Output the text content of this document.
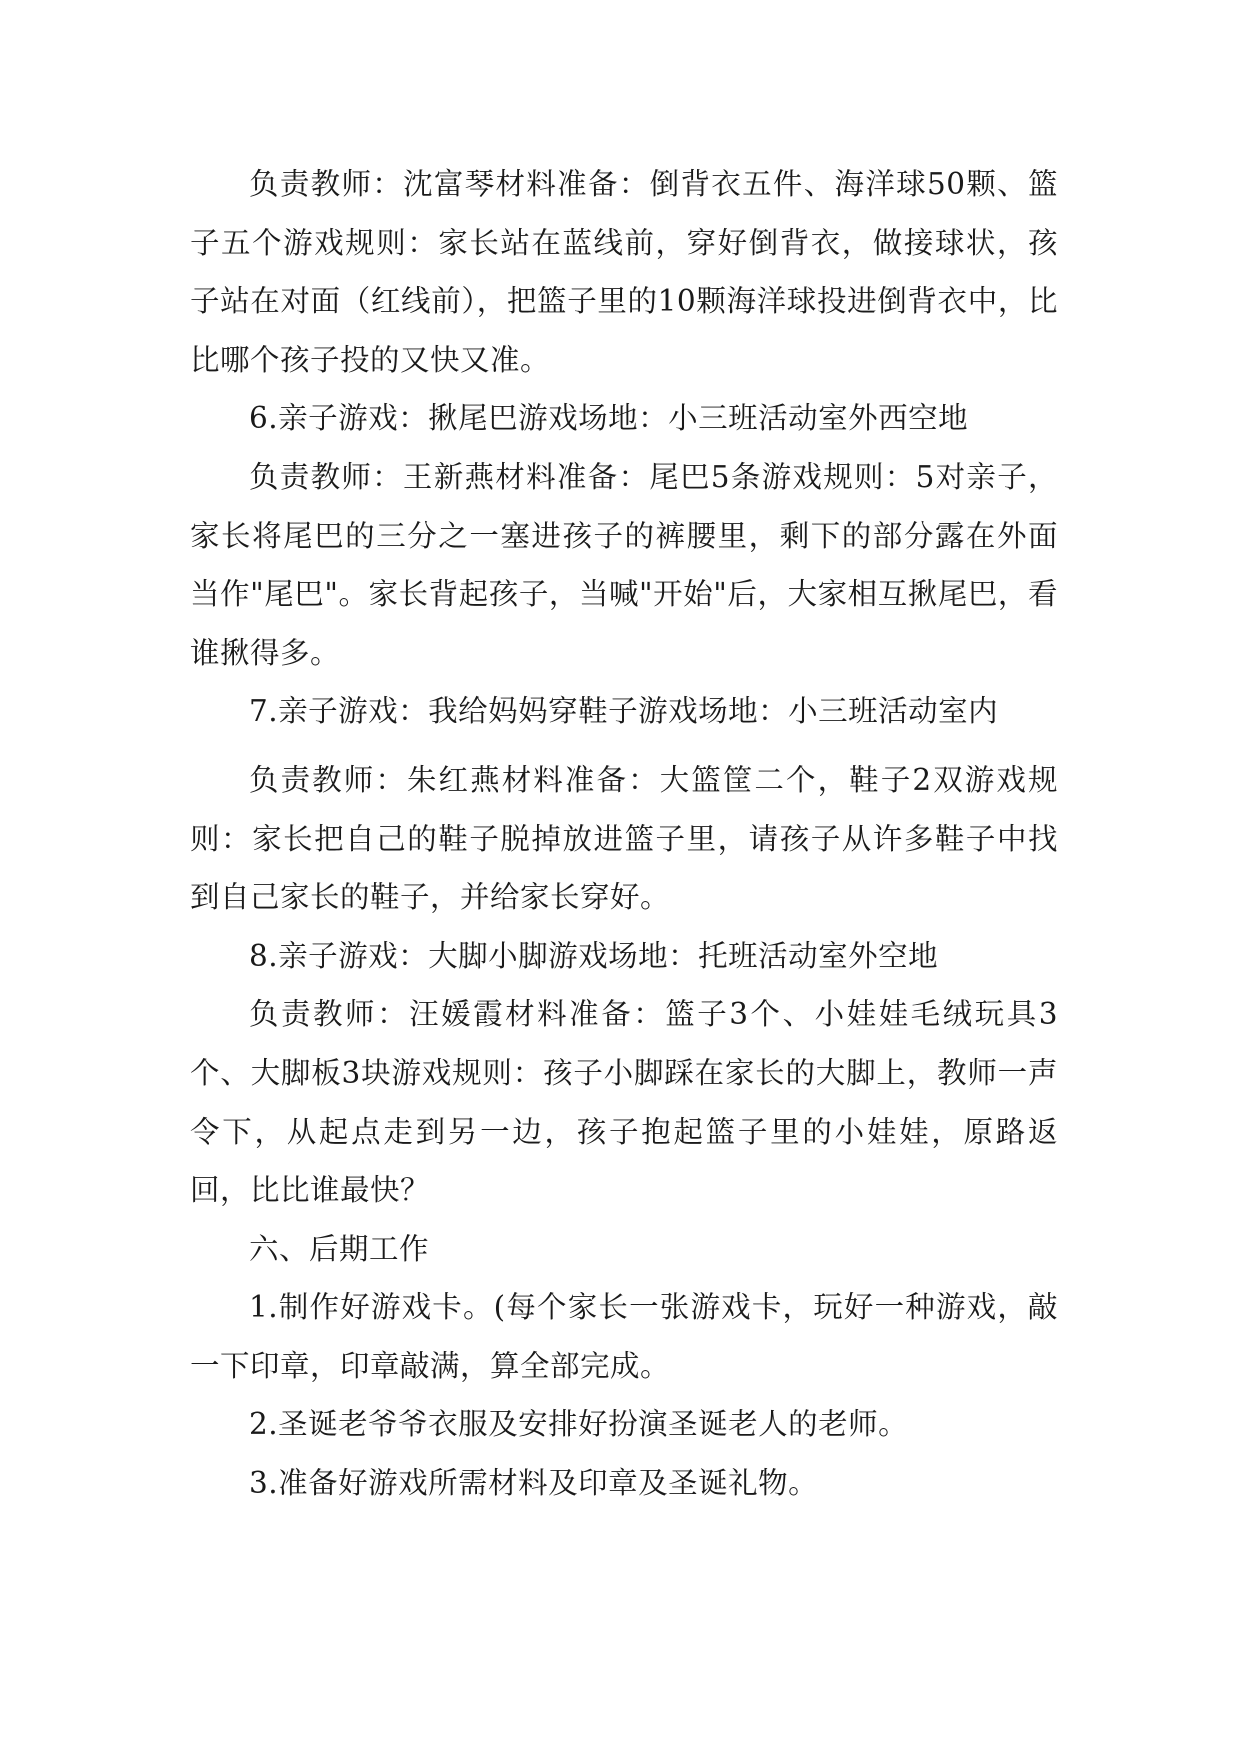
负责教师：沈富琴材料准备：倒背衣五件、海洋球50颗、篮子五个游戏规则：家长站在蓝线前，穿好倒背衣，做接球状，孩子站在对面（红线前），把篮子里的10颗海洋球投进倒背衣中，比比哪个孩子投的又快又准。

6.亲子游戏：揪尾巴游戏场地：小三班活动室外西空地

负责教师：王新燕材料准备：尾巴5条游戏规则：5对亲子，家长将尾巴的三分之一塞进孩子的裤腰里，剩下的部分露在外面当作"尾巴"。家长背起孩子，当喊"开始"后，大家相互揪尾巴，看谁揪得多。

7.亲子游戏：我给妈妈穿鞋子游戏场地：小三班活动室内

负责教师：朱红燕材料准备：大篮筐二个，鞋子2双游戏规则：家长把自己的鞋子脱掉放进篮子里，请孩子从许多鞋子中找到自己家长的鞋子，并给家长穿好。

8.亲子游戏：大脚小脚游戏场地：托班活动室外空地

负责教师：汪媛霞材料准备：篮子3个、小娃娃毛绒玩具3个、大脚板3块游戏规则：孩子小脚踩在家长的大脚上，教师一声令下，从起点走到另一边，孩子抱起篮子里的小娃娃，原路返回，比比谁最快？

六、后期工作

1.制作好游戏卡。(每个家长一张游戏卡，玩好一种游戏，敲一下印章，印章敲满，算全部完成。

2.圣诞老爷爷衣服及安排好扮演圣诞老人的老师。

3.准备好游戏所需材料及印章及圣诞礼物。
